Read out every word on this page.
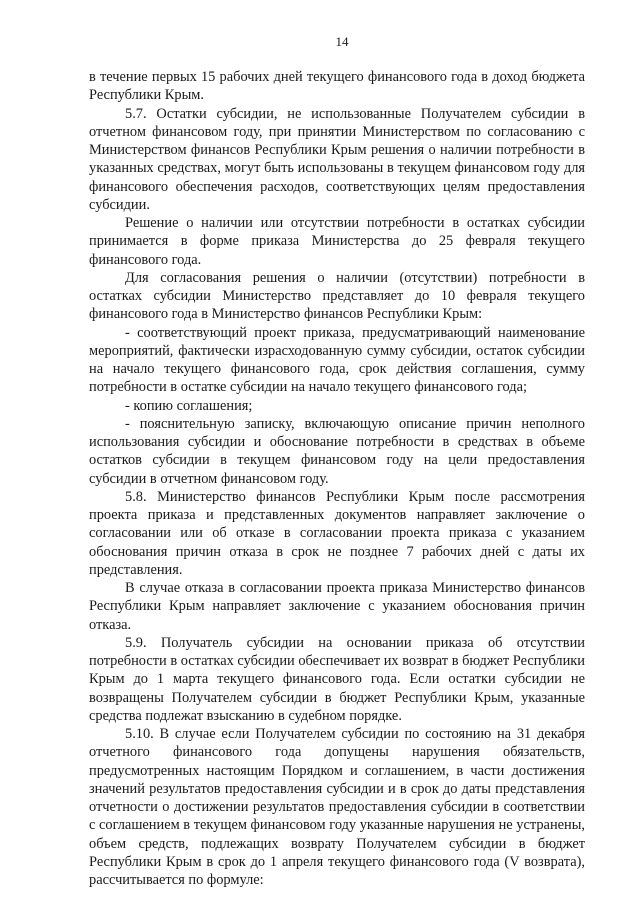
14

в течение первых 15 рабочих дней текущего финансового года в доход бюджета Республики Крым.

5.7. Остатки субсидии, не использованные Получателем субсидии в отчетном финансовом году, при принятии Министерством по согласованию с Министерством финансов Республики Крым решения о наличии потребности в указанных средствах, могут быть использованы в текущем финансовом году для финансового обеспечения расходов, соответствующих целям предоставления субсидии.

Решение о наличии или отсутствии потребности в остатках субсидии принимается в форме приказа Министерства до 25 февраля текущего финансового года.

Для согласования решения о наличии (отсутствии) потребности в остатках субсидии Министерство представляет до 10 февраля текущего финансового года в Министерство финансов Республики Крым:

- соответствующий проект приказа, предусматривающий наименование мероприятий, фактически израсходованную сумму субсидии, остаток субсидии на начало текущего финансового года, срок действия соглашения, сумму потребности в остатке субсидии на начало текущего финансового года;

- копию соглашения;

- пояснительную записку, включающую описание причин неполного использования субсидии и обоснование потребности в средствах в объеме остатков субсидии в текущем финансовом году на цели предоставления субсидии в отчетном финансовом году.

5.8. Министерство финансов Республики Крым после рассмотрения проекта приказа и представленных документов направляет заключение о согласовании или об отказе в согласовании проекта приказа с указанием обоснования причин отказа в срок не позднее 7 рабочих дней с даты их представления.

В случае отказа в согласовании проекта приказа Министерство финансов Республики Крым направляет заключение с указанием обоснования причин отказа.

5.9. Получатель субсидии на основании приказа об отсутствии потребности в остатках субсидии обеспечивает их возврат в бюджет Республики Крым до 1 марта текущего финансового года. Если остатки субсидии не возвращены Получателем субсидии в бюджет Республики Крым, указанные средства подлежат взысканию в судебном порядке.

5.10. В случае если Получателем субсидии по состоянию на 31 декабря отчетного финансового года допущены нарушения обязательств, предусмотренных настоящим Порядком и соглашением, в части достижения значений результатов предоставления субсидии и в срок до даты представления отчетности о достижении результатов предоставления субсидии в соответствии с соглашением в текущем финансовом году указанные нарушения не устранены, объем средств, подлежащих возврату Получателем субсидии в бюджет Республики Крым в срок до 1 апреля текущего финансового года (V возврата), рассчитывается по формуле:
